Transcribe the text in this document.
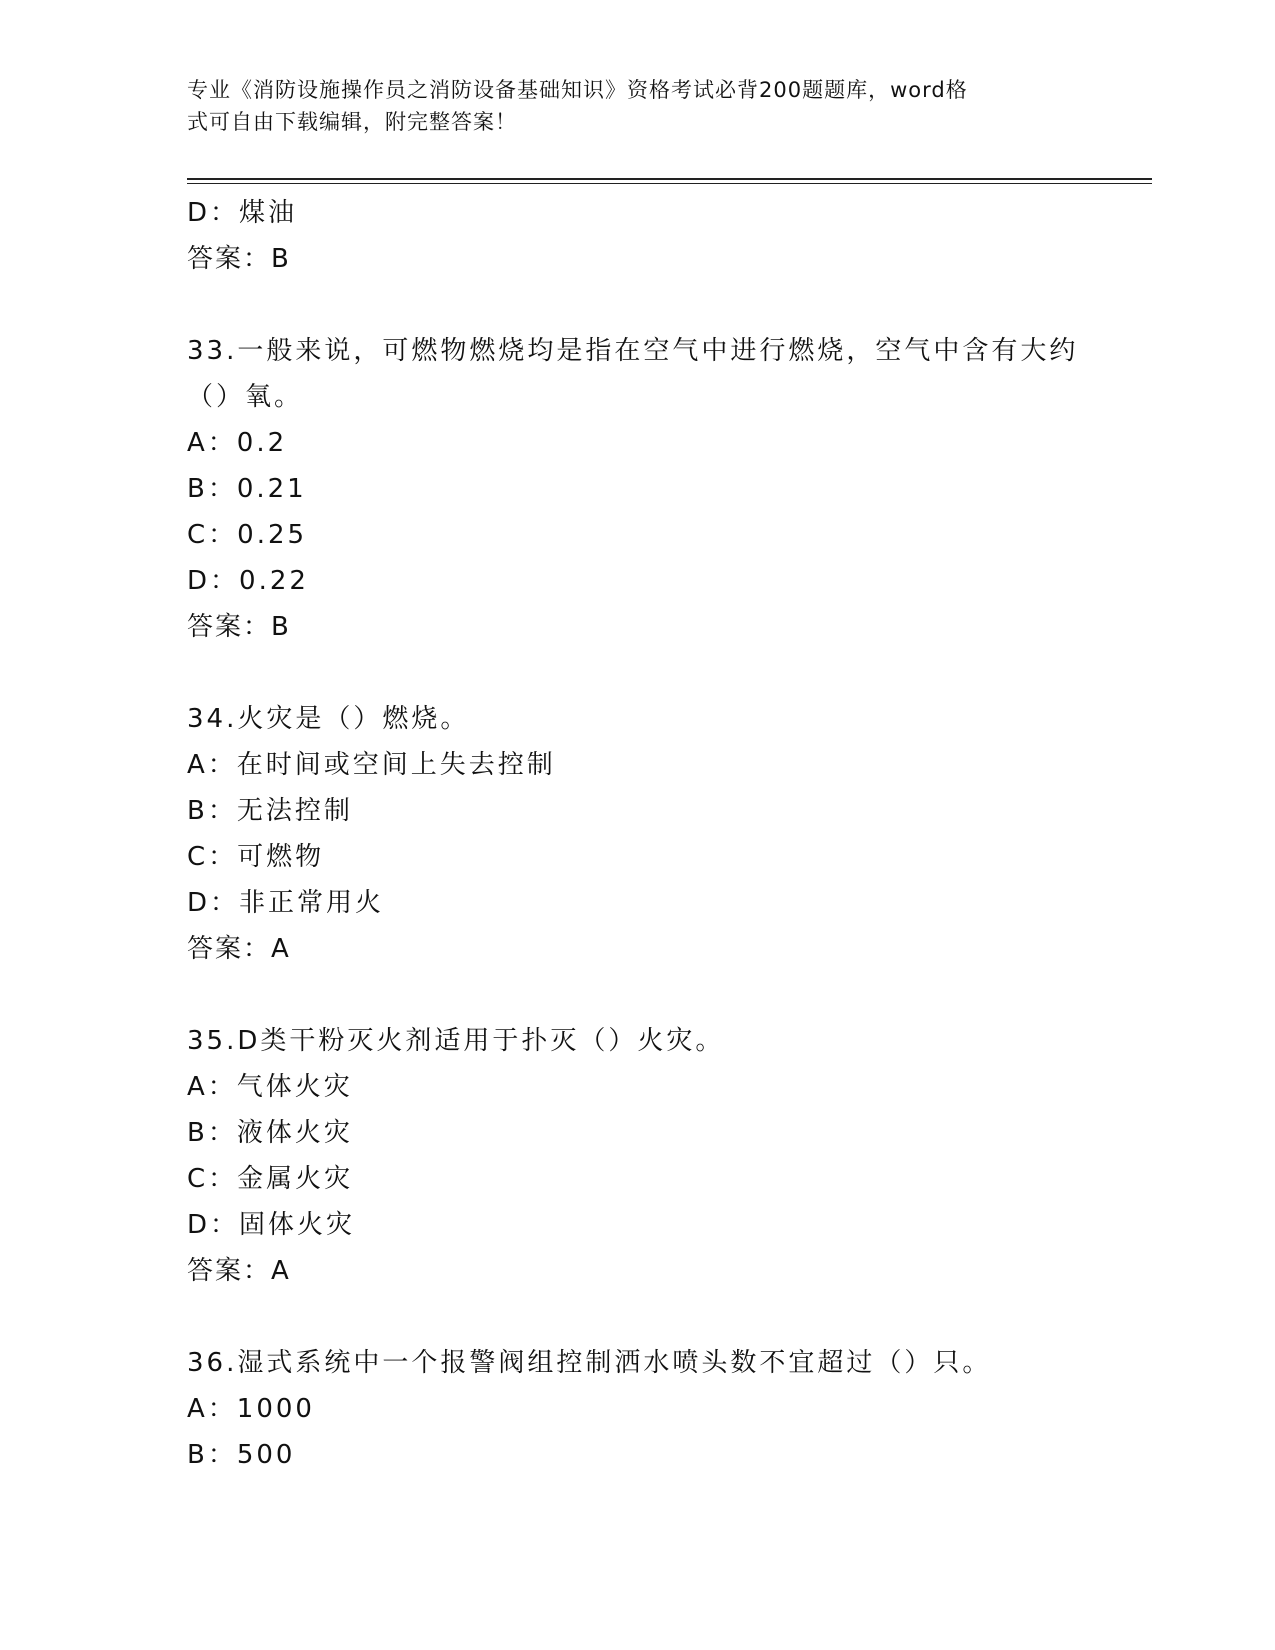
专业《消防设施操作员之消防设备基础知识》资格考试必背200题题库，word格
式可自由下载编辑，附完整答案！
D：煤油
答案：B
33.一般来说，可燃物燃烧均是指在空气中进行燃烧，空气中含有大约
（）氧。
A：0.2
B：0.21
C：0.25
D：0.22
答案：B
34.火灾是（）燃烧。
A：在时间或空间上失去控制
B：无法控制
C：可燃物
D：非正常用火
答案：A
35.D类干粉灭火剂适用于扑灭（）火灾。
A：气体火灾
B：液体火灾
C：金属火灾
D：固体火灾
答案：A
36.湿式系统中一个报警阀组控制洒水喷头数不宜超过（）只。
A：1000
B：500
